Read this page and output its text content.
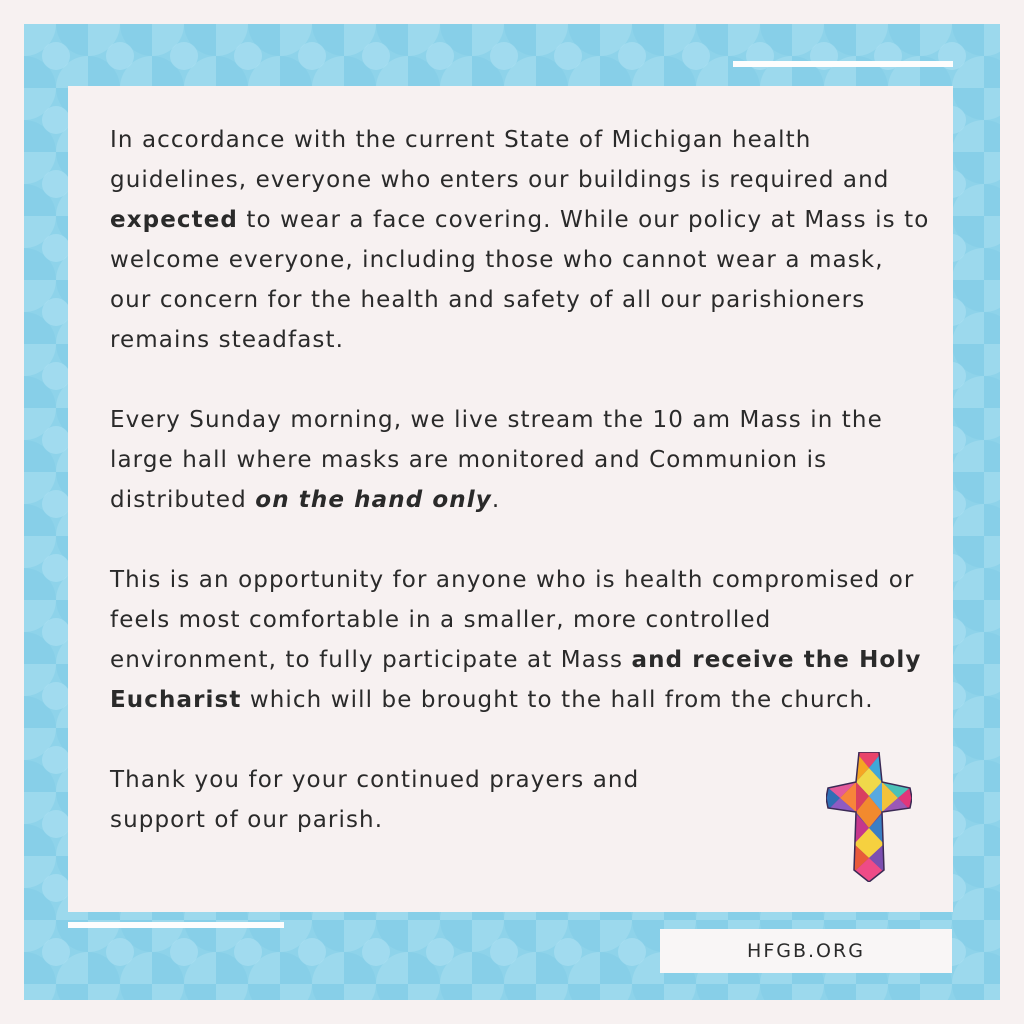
In accordance with the current State of Michigan health guidelines, everyone who enters our buildings is required and expected to wear a face covering. While our policy at Mass is to welcome everyone, including those who cannot wear a mask, our concern for the health and safety of all our parishioners remains steadfast.

Every Sunday morning, we live stream the 10 am Mass in the large hall where masks are monitored and Communion is distributed on the hand only.

This is an opportunity for anyone who is health compromised or feels most comfortable in a smaller, more controlled environment, to fully participate at Mass and receive the Holy Eucharist which will be brought to the hall from the church.

Thank you for your continued prayers and support of our parish.

HFGB.ORG
